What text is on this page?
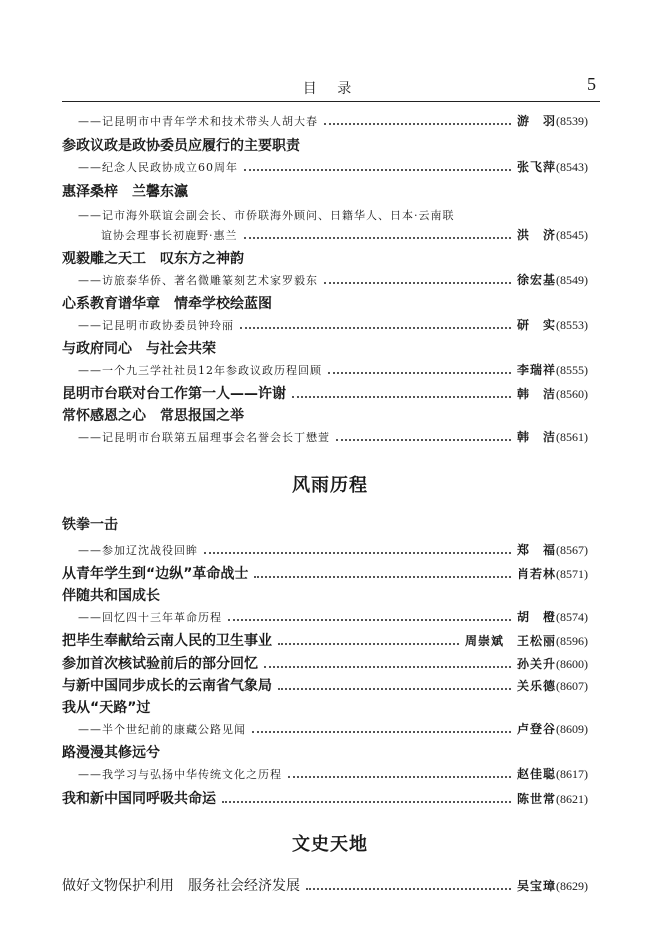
目 录	5
——记昆明市中青年学术和技术带头人胡大春	游　羽 (8539)
参政议政是政协委员应履行的主要职责
——纪念人民政协成立60周年	张飞萍 (8543)
惠泽桑梓　兰馨东瀛
——记市海外联谊会副会长、市侨联海外顾问、日籍华人、日本·云南联
谊协会理事长初鹿野·惠兰	洪　济 (8545)
观毅雕之天工　叹东方之神韵
——访旅泰华侨、著名微雕篆刻艺术家罗毅东	徐宏基 (8549)
心系教育谱华章　情牵学校绘蓝图
——记昆明市政协委员钟玲丽	研　实 (8553)
与政府同心　与社会共荣
——一个九三学社社员12年参政议政历程回顾	李瑞祥 (8555)
昆明市台联对台工作第一人——许谢	韩　洁 (8560)
常怀感恩之心　常思报国之举
——记昆明市台联第五届理事会名誉会长丁懋萱	韩　洁 (8561)
风雨历程
铁拳一击
——参加辽沈战役回眸	郑　福 (8567)
从青年学生到“边纵”革命战士	肖若林 (8571)
伴随共和国成长
——回忆四十三年革命历程	胡　橙 (8574)
把毕生奉献给云南人民的卫生事业	周崇斌　王松丽 (8596)
参加首次核试验前后的部分回忆	孙关升 (8600)
与新中国同步成长的云南省气象局	关乐德 (8607)
我从“天路”过
——半个世纪前的康藏公路见闻	卢登谷 (8609)
路漫漫其修远兮
——我学习与弘扬中华传统文化之历程	赵佳聪 (8617)
我和新中国同呼吸共命运	陈世常 (8621)
文史天地
做好文物保护利用　服务社会经济发展	吴宝璋 (8629)
